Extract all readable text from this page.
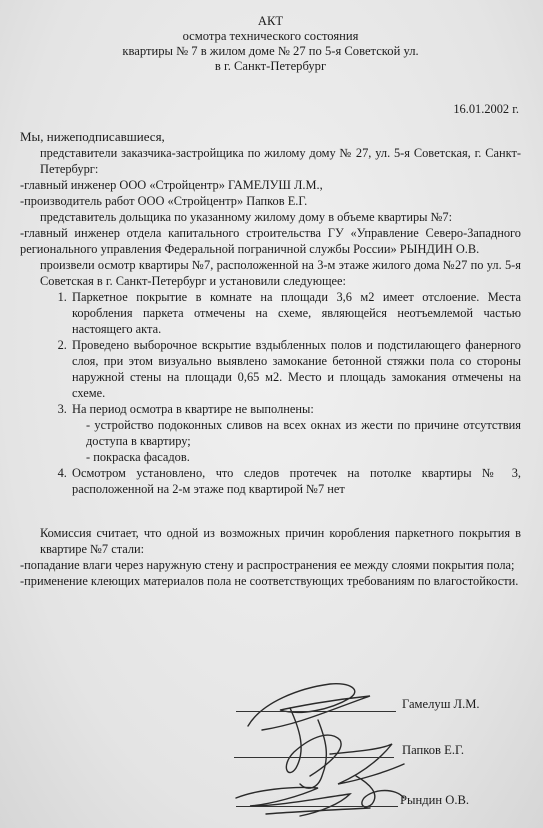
АКТ
осмотра технического состояния
квартиры № 7 в жилом доме № 27 по 5-я Советской ул.
в г. Санкт-Петербург
16.01.2002 г.
Мы, нижеподписавшиеся,
представители заказчика-застройщика по жилому дому № 27, ул. 5-я Советская, г. Санкт-Петербург:
-главный инженер ООО «Стройцентр» ГАМЕЛУШ Л.М.,
-производитель работ ООО «Стройцентр» Папков Е.Г.
представитель дольщика по указанному жилому дому в объеме квартиры №7:
-главный инженер отдела капитального строительства ГУ «Управление Северо-Западного регионального управления Федеральной пограничной службы России» РЫНДИН О.В.
произвели осмотр квартиры №7, расположенной на 3-м этаже жилого дома №27 по ул. 5-я Советская в г. Санкт-Петербург и установили следующее:
1. Паркетное покрытие в комнате на площади 3,6 м2 имеет отслоение. Места коробления паркета отмечены на схеме, являющейся неотъемлемой частью настоящего акта.
2. Проведено выборочное вскрытие вздыбленных полов и подстилающего фанерного слоя, при этом визуально выявлено замокание бетонной стяжки пола со стороны наружной стены на площади 0,65 м2. Место и площадь замокания отмечены на схеме.
3. На период осмотра в квартире не выполнены:
- устройство подоконных сливов на всех окнах из жести по причине отсутствия доступа в квартиру;
- покраска фасадов.
4. Осмотром установлено, что следов протечек на потолке квартиры № 3, расположенной на 2-м этаже под квартирой №7 нет
Комиссия считает, что одной из возможных причин коробления паркетного покрытия в квартире №7 стали:
-попадание влаги через наружную стену и распространения ее между слоями покрытия пола;
-применение клеющих материалов пола не соответствующих требованиям по влагостойкости.
Гамелуш Л.М.
Папков Е.Г.
Рындин О.В.
